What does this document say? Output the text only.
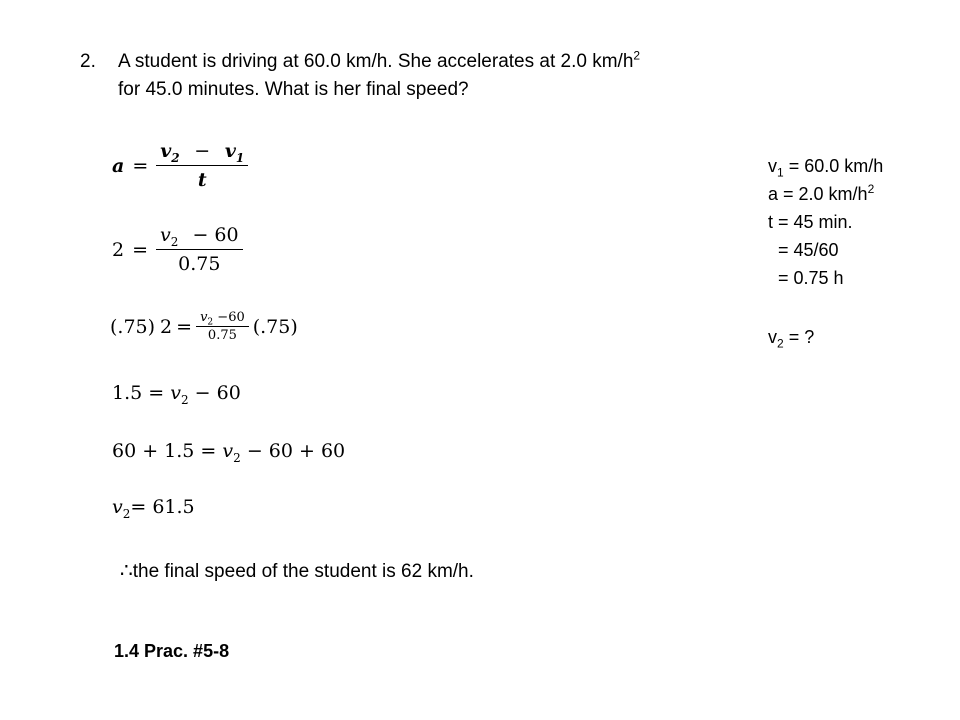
2. A student is driving at 60.0 km/h. She accelerates at 2.0 $km/h^2$
for 45.0 minutes. What is her final speed?
$a = \frac{v_2 - v_1}{t}$
$2 = \frac{v_2 - 60}{0.75}$
(.75) $2 = \frac{v_2 -60}{0.75} (.75)$
$1.5 = v_2 - 60$
$60 + 1.5 = v_2 - 60 + 60$
$v_2= 61.5$
$v_1 = 60.0$ km/h
a = 2.0 $km/h^2$
t = 45 min.
= 45/60
= 0.75 h
$v_2$ = ?
∴the final speed of the student is 62 km/h.
1.4 Prac. #5-8
